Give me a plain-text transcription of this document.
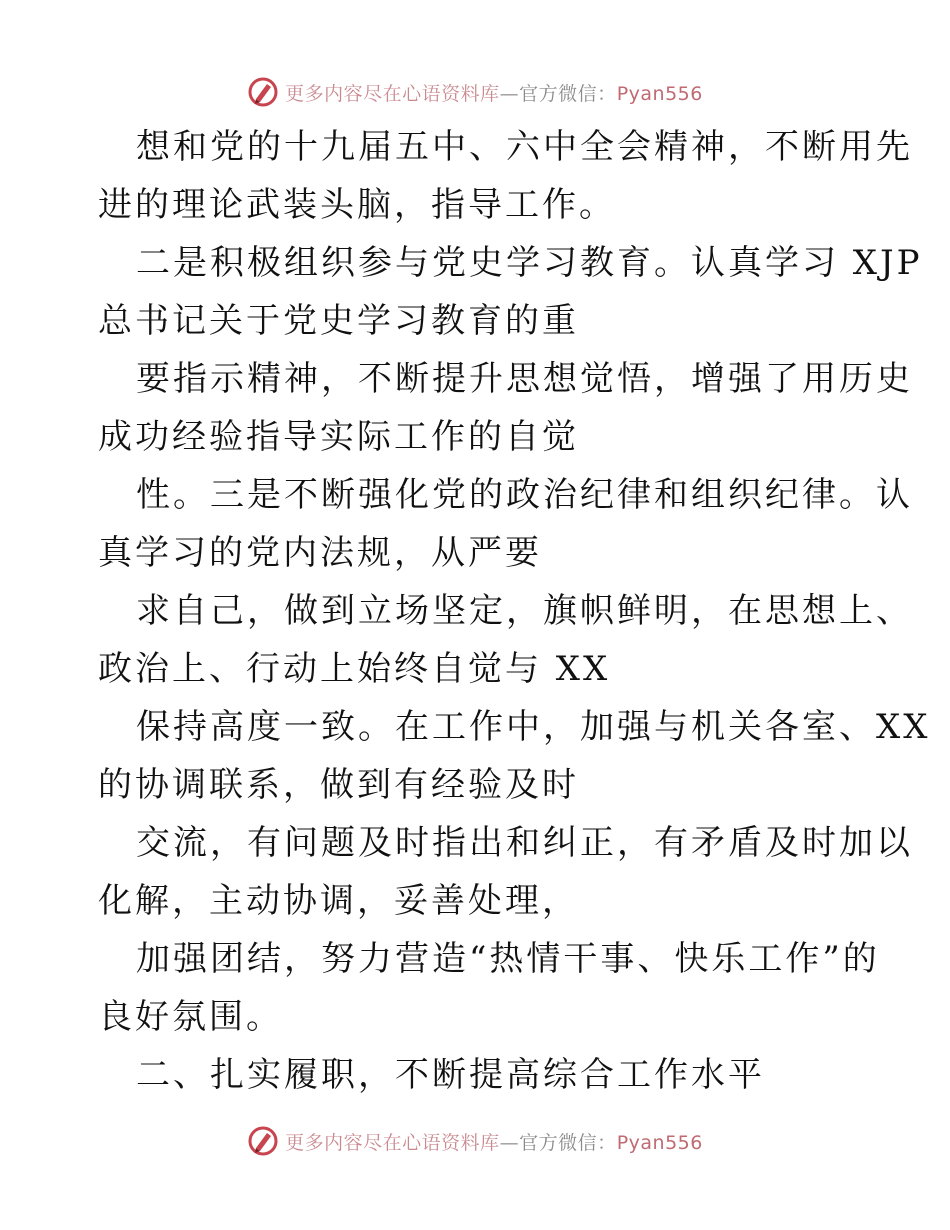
更多内容尽在心语资料库—官方微信：Pyan556
想和党的十九届五中、六中全会精神，不断用先
进的理论武装头脑，指导工作。
二是积极组织参与党史学习教育。认真学习 XJP
总书记关于党史学习教育的重
要指示精神，不断提升思想觉悟，增强了用历史
成功经验指导实际工作的自觉
性。三是不断强化党的政治纪律和组织纪律。认
真学习的党内法规，从严要
求自己，做到立场坚定，旗帜鲜明，在思想上、
政治上、行动上始终自觉与 XX
保持高度一致。在工作中，加强与机关各室、XX
的协调联系，做到有经验及时
交流，有问题及时指出和纠正，有矛盾及时加以
化解，主动协调，妥善处理，
加强团结，努力营造“热情干事、快乐工作”的
良好氛围。
二、扎实履职，不断提高综合工作水平
更多内容尽在心语资料库—官方微信：Pyan556
